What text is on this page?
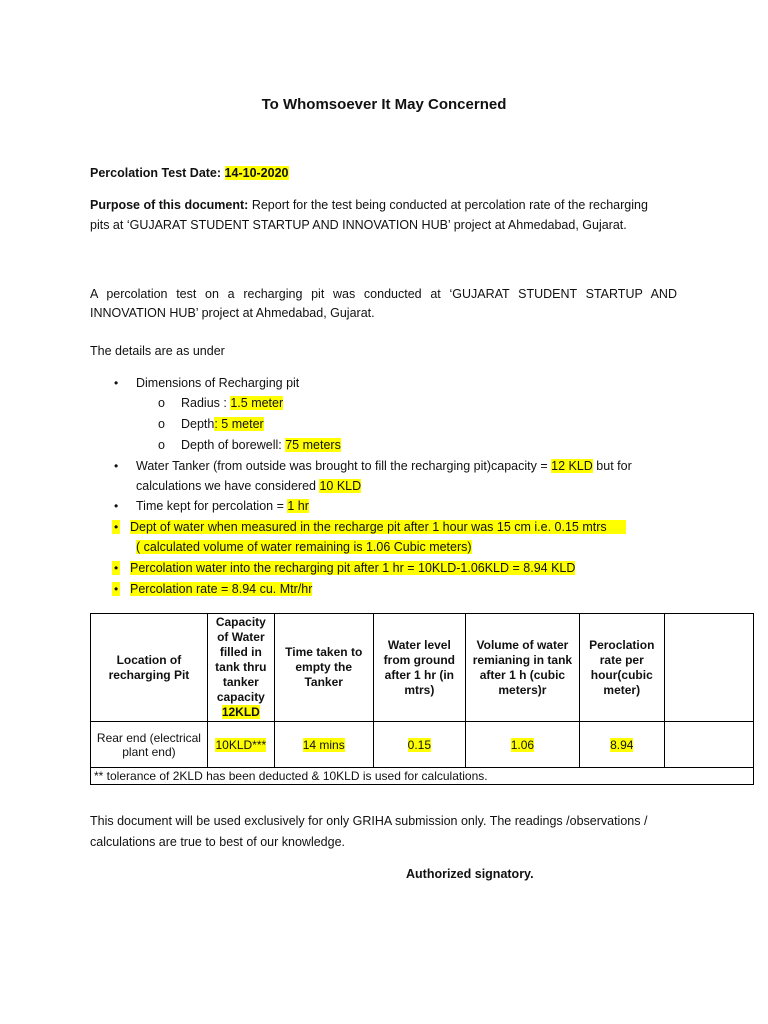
To Whomsoever It May Concerned
Percolation Test Date: 14-10-2020
Purpose of this document: Report for the test being conducted at percolation rate of the recharging
pits at ‘GUJARAT STUDENT STARTUP AND INNOVATION HUB’ project at Ahmedabad, Gujarat.
A percolation test on a recharging pit was conducted at ‘GUJARAT STUDENT STARTUP AND
INNOVATION HUB’ project at Ahmedabad, Gujarat.
The details are as under
• Dimensions of Recharging pit
o Radius : 1.5 meter
o Depth: 5 meter
o Depth of borewell: 75 meters
• Water Tanker (from outside was brought to fill the recharging pit)capacity = 12 KLD but for
calculations we have considered 10 KLD
• Time kept for percolation = 1 hr
• Dept of water when measured in the recharge pit after 1 hour was 15 cm i.e. 0.15 mtrs
( calculated volume of water remaining is 1.06 Cubic meters)
• Percolation water into the recharging pit after 1 hr = 10KLD-1.06KLD = 8.94 KLD
• Percolation rate = 8.94 cu. Mtr/hr
Location of recharging Pit	Capacity of Water filled in tank thru tanker capacity
12KLD	Time taken to empty the Tanker	Water level from ground after 1 hr (in mtrs)	Volume of water remianing in tank after 1 h (cubic meters)r	Peroclation rate per hour(cubic meter)	
Rear end (electrical plant end)	10KLD***	14 mins	0.15	1.06	8.94	
** tolerance of 2KLD has been deducted & 10KLD is used for calculations.						
This document will be used exclusively for only GRIHA submission only. The readings /observations /
calculations are true to best of our knowledge.
Authorized signatory.
